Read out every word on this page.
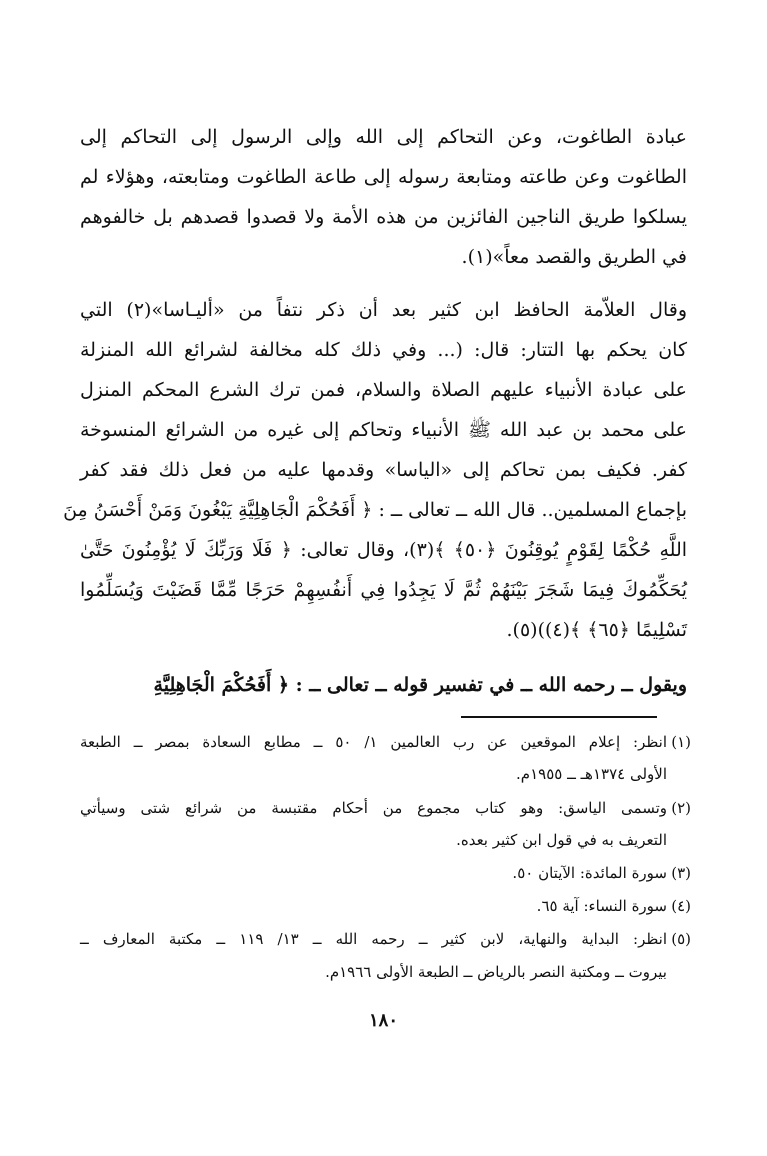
عبادة الطاغوت، وعن التحاكم إلى الله وإلى الرسول إلى التحاكم إلى
الطاغوت وعن طاعته ومتابعة رسوله إلى طاعة الطاغوت ومتابعته، وهؤلاء لم
يسلكوا طريق الناجين الفائزين من هذه الأمة ولا قصدوا قصدهم بل خالفوهم
في الطريق والقصد معاً»(١).
وقال العلاّمة الحافظ ابن كثير بعد أن ذكر نتفاً من «أليـاسا»(٢) التي
كان يحكم بها التتار: قال: (... وفي ذلك كله مخالفة لشرائع الله المنزلة
على عبادة الأنبياء عليهم الصلاة والسلام، فمن ترك الشرع المحكم المنزل
على محمد بن عبد الله ﷺ الأنبياء وتحاكم إلى غيره من الشرائع المنسوخة
كفر. فكيف بمن تحاكم إلى «الياسا» وقدمها عليه من فعل ذلك فقد كفر
بإجماع المسلمين.. قال الله ــ تعالى ــ : ﴿ أَفَحُكْمَ الْجَاهِلِيَّةِ يَبْغُونَ وَمَنْ أَحْسَنُ مِنَ
اللَّهِ حُكْمًا لِقَوْمٍ يُوقِنُونَ ﴿٥٠﴾ ﴾(٣)، وقال تعالى: ﴿ فَلَا وَرَبِّكَ لَا يُؤْمِنُونَ حَتَّىٰ
يُحَكِّمُوكَ فِيمَا شَجَرَ بَيْنَهُمْ ثُمَّ لَا يَجِدُوا فِي أَنفُسِهِمْ حَرَجًا مِّمَّا قَضَيْتَ وَيُسَلِّمُوا
تَسْلِيمًا ﴿٦٥﴾ ﴾(٤))(٥).
ويقول ــ رحمه الله ــ في تفسير قوله ــ تعالى ــ : ﴿ أَفَحُكْمَ الْجَاهِلِيَّةِ
(١)
انظر: إعلام الموقعين عن رب العالمين ١/ ٥٠ ــ مطابع السعادة بمصر ــ الطبعة
الأولى ١٣٧٤هـ ــ ١٩٥٥م.
(٢)
وتسمى الياسق: وهو كتاب مجموع من أحكام مقتبسة من شرائع شتى وسيأتي
التعريف به في قول ابن كثير بعده.
(٣)
سورة المائدة: الآيتان ٥٠.
(٤)
سورة النساء: آية ٦٥.
(٥)
انظر: البداية والنهاية، لابن كثير ــ رحمه الله ــ ١٣/ ١١٩ ــ مكتبة المعارف ــ
بيروت ــ ومكتبة النصر بالرياض ــ الطبعة الأولى ١٩٦٦م.
١٨٠
